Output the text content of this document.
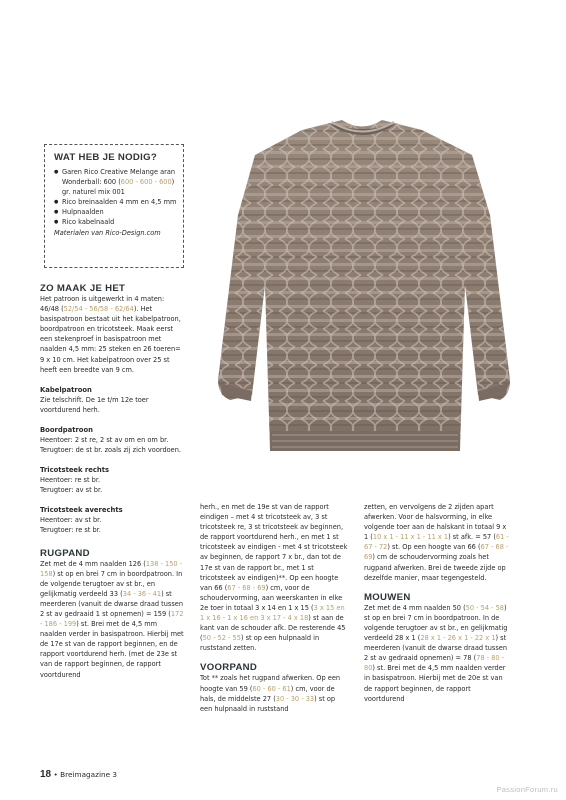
WAT HEB JE NODIG?
● Garen Rico Creative Melange aran Wonderball: 600 (600 - 600 - 600) gr. naturel mix 001
● Rico breinaalden 4 mm en 4,5 mm
● Hulpnaalden
● Rico kabelnaald

Materialen van Rico-Design.com

ZO MAAK JE HET

Het patroon is uitgewerkt in 4 maten: 46/48 (52/54 - 56/58 - 62/64). Het basispatroon bestaat uit het kabelpatroon, boordpatroon en tricotsteek. Maak eerst een stekenproef in basispatroon met naalden 4,5 mm: 25 steken en 26 toeren= 9 x 10 cm. Het kabelpatroon over 25 st heeft een breedte van 9 cm.

Kabelpatroon

Zie telschrift. De 1e t/m 12e toer voortdurend herh.

Boordpatroon

Heentoer: 2 st re, 2 st av om en om br.

Terugtoer: de st br. zoals zij zich voordoen.

Tricotsteek rechts

Heentoer: re st br.

Terugtoer: av st br.

Tricotsteek averechts

Heentoer: av st br.

Terugtoer: re st br.

RUGPAND

Zet met de 4 mm naalden 126 (138 - 150 - 158) st op en brei 7 cm in boordpatroon. In de volgende terugtoer av st br., en gelijkmatig verdeeld 33 (34 - 36 - 41) st meerderen (vanuit de dwarse draad tussen 2 st av gedraaid 1 st opnemen) = 159 (172 - 186 - 199) st. Brei met de 4,5 mm naalden verder in basispatroon. Hierbij met de 17e st van de rapport beginnen, en de rapport voortdurend herh. (met de 23e st van de rapport beginnen, de rapport voortdurend

herh., en met de 19e st van de rapport eindigen – met 4 st tricotsteek av, 3 st tricotsteek re, 3 st tricotsteek av beginnen, de rapport voortdurend herh., en met 1 st tricotsteek av eindigen - met 4 st tricotsteek av beginnen, de rapport 7 x br., dan tot de 17e st van de rapport br., met 1 st tricotsteek av eindigen)**. Op een hoogte van 66 (67 - 68 - 69) cm, voor de schoudervorming, aan weerskanten in elke 2e toer in totaal 3 x 14 en 1 x 15 (3 x 15 en 1 x 16 - 1 x 16 en 3 x 17 - 4 x 18) st aan de kant van de schouder afk. De resterende 45 (50 - 52 - 55) st op een hulpnaald in ruststand zetten.

VOORPAND

Tot ** zoals het rugpand afwerken. Op een hoogte van 59 (60 - 60 - 61) cm, voor de hals, de middelste 27 (30 - 30 - 33) st op een hulpnaald in ruststand

zetten, en vervolgens de 2 zijden apart afwerken. Voor de halsvorming, in elke volgende toer aan de halskant in totaal 9 x 1 (10 x 1 - 11 x 1 - 11 x 1) st afk. = 57 (61 - 67 - 72) st. Op een hoogte van 66 (67 - 68 - 69) cm de schoudervorming zoals het rugpand afwerken. Brei de tweede zijde op dezelfde manier, maar tegengesteld.

MOUWEN

Zet met de 4 mm naalden 50 (50 - 54 - 58) st op en brei 7 cm in boordpatroon. In de volgende terugtoer av st br., en gelijkmatig verdeeld 28 x 1 (28 x 1 - 26 x 1 - 22 x 1) st meerderen (vanuit de dwarse draad tussen 2 st av gedraaid opnemen) = 78 (78 - 80 - 80) st. Brei met de 4,5 mm naalden verder in basispatroon. Hierbij met de 20e st van de rapport beginnen, de rapport voortdurend

18 • Breimagazine 3
PassionForum.ru
